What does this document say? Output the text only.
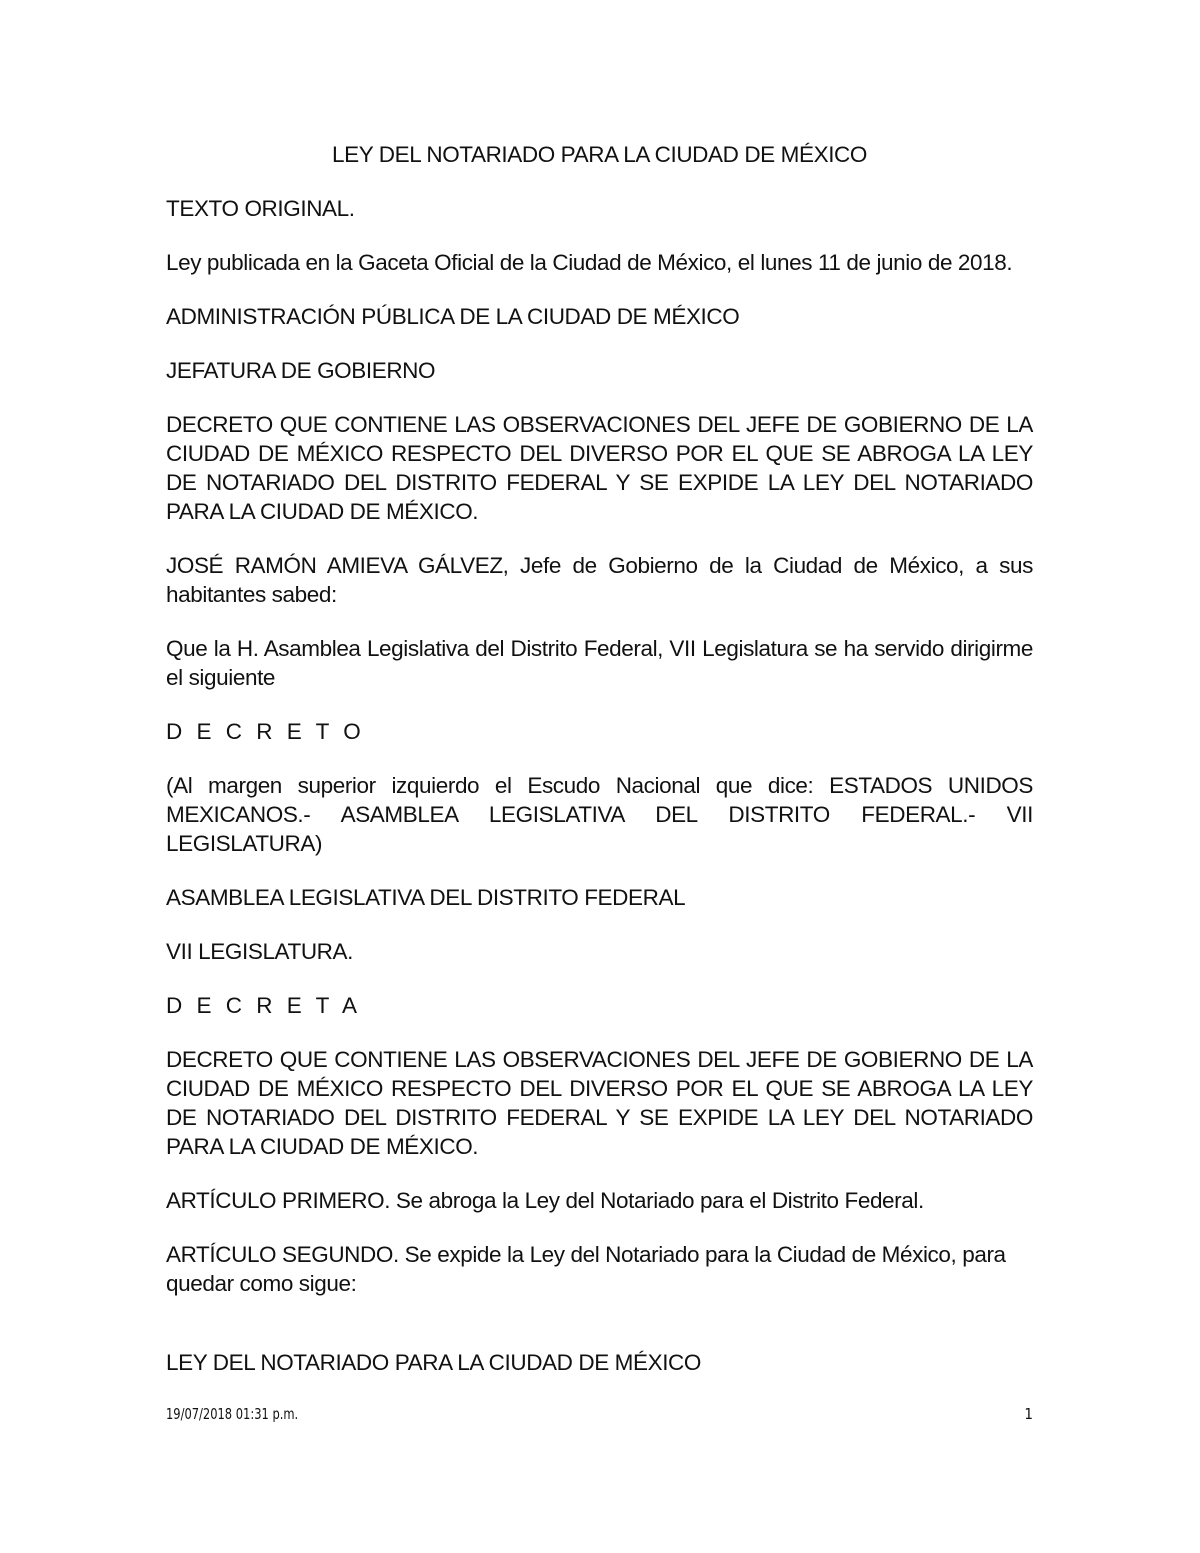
LEY DEL NOTARIADO PARA LA CIUDAD DE MÉXICO

TEXTO ORIGINAL.

Ley publicada en la Gaceta Oficial de la Ciudad de México, el lunes 11 de junio de 2018.

ADMINISTRACIÓN PÚBLICA DE LA CIUDAD DE MÉXICO

JEFATURA DE GOBIERNO

DECRETO QUE CONTIENE LAS OBSERVACIONES DEL JEFE DE GOBIERNO DE LA CIUDAD DE MÉXICO RESPECTO DEL DIVERSO POR EL QUE SE ABROGA LA LEY DE NOTARIADO DEL DISTRITO FEDERAL Y SE EXPIDE LA LEY DEL NOTARIADO PARA LA CIUDAD DE MÉXICO.

JOSÉ RAMÓN AMIEVA GÁLVEZ, Jefe de Gobierno de la Ciudad de México, a sus habitantes sabed:

Que la H. Asamblea Legislativa del Distrito Federal, VII Legislatura se ha servido dirigirme el siguiente

D E C R E T O

(Al margen superior izquierdo el Escudo Nacional que dice: ESTADOS UNIDOS MEXICANOS.- ASAMBLEA LEGISLATIVA DEL DISTRITO FEDERAL.- VII LEGISLATURA)

ASAMBLEA LEGISLATIVA DEL DISTRITO FEDERAL

VII LEGISLATURA.

D E C R E T A

DECRETO QUE CONTIENE LAS OBSERVACIONES DEL JEFE DE GOBIERNO DE LA CIUDAD DE MÉXICO RESPECTO DEL DIVERSO POR EL QUE SE ABROGA LA LEY DE NOTARIADO DEL DISTRITO FEDERAL Y SE EXPIDE LA LEY DEL NOTARIADO PARA LA CIUDAD DE MÉXICO.

ARTÍCULO PRIMERO. Se abroga la Ley del Notariado para el Distrito Federal.

ARTÍCULO SEGUNDO. Se expide la Ley del Notariado para la Ciudad de México, para quedar como sigue:

LEY DEL NOTARIADO PARA LA CIUDAD DE MÉXICO

19/07/2018 01:31 p.m.	1
